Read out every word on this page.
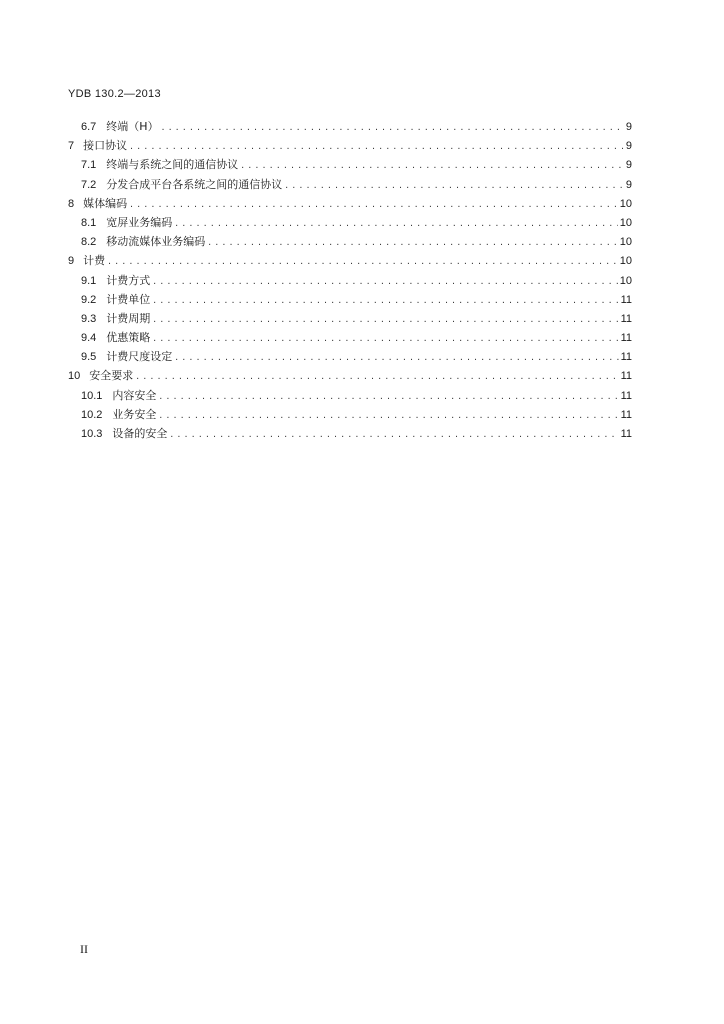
YDB 130.2—2013
6.7 终端（H） .....	9
7 接口协议 .....	9
7.1 终端与系统之间的通信协议 .....	9
7.2 分发合成平台各系统之间的通信协议 .....	9
8 媒体编码 .....	10
8.1 宽屏业务编码 .....	10
8.2 移动流媒体业务编码 .....	10
9 计费 .....	10
9.1 计费方式 .....	10
9.2 计费单位 .....	11
9.3 计费周期 .....	11
9.4 优惠策略 .....	11
9.5 计费尺度设定 .....	11
10 安全要求 .....	11
10.1 内容安全 .....	11
10.2 业务安全 .....	11
10.3 设备的安全 .....	11
II
